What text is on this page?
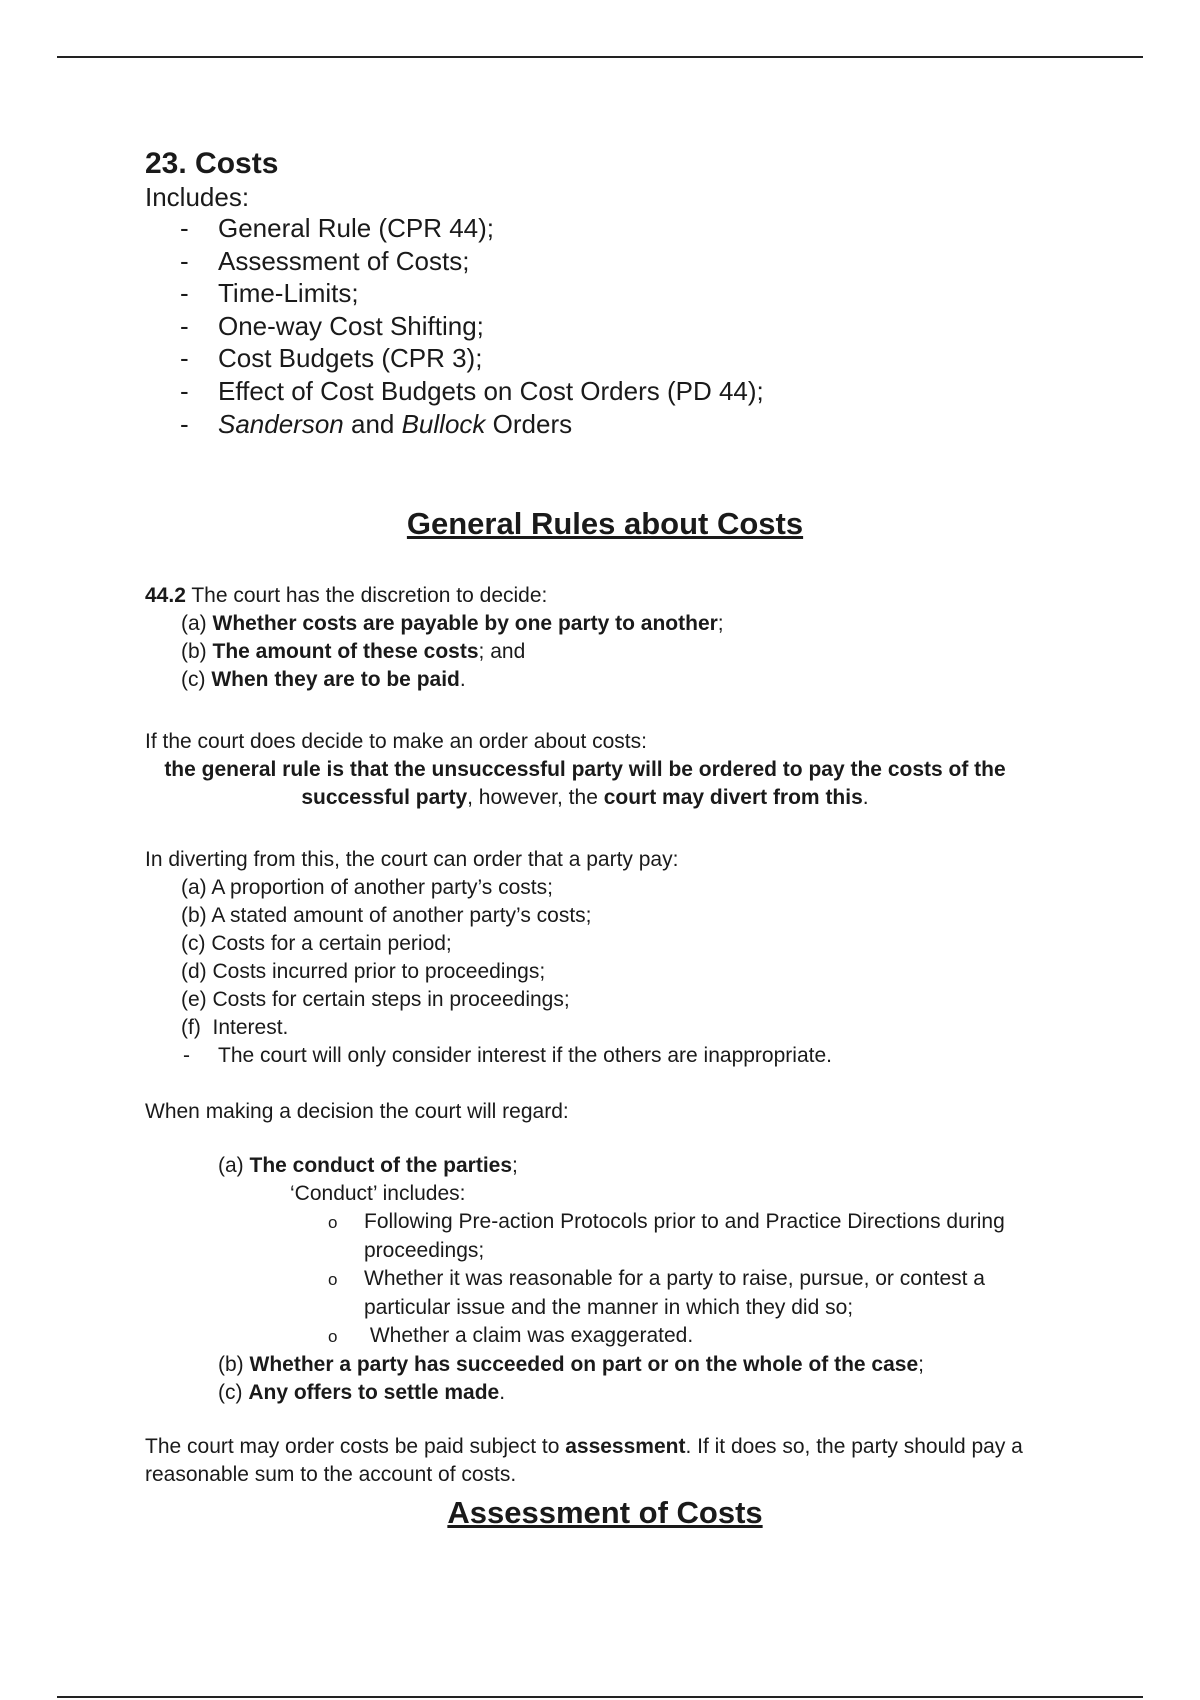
23. Costs

Includes:

- General Rule (CPR 44);
- Assessment of Costs;
- Time-Limits;
- One-way Cost Shifting;
- Cost Budgets (CPR 3);
- Effect of Cost Budgets on Cost Orders (PD 44);
- Sanderson and Bullock Orders
General Rules about Costs

44.2 The court has the discretion to decide:

(a) Whether costs are payable by one party to another;
(b) The amount of these costs; and
(c) When they are to be paid.

If the court does decide to make an order about costs:

the general rule is that the unsuccessful party will be ordered to pay the costs of the successful party, however, the court may divert from this.

In diverting from this, the court can order that a party pay:

(a) A proportion of another party’s costs;
(b) A stated amount of another party’s costs;
(c) Costs for a certain period;
(d) Costs incurred prior to proceedings;
(e) Costs for certain steps in proceedings;
(f)  Interest.
- The court will only consider interest if the others are inappropriate.

When making a decision the court will regard:

(a) The conduct of the parties;
‘Conduct’ includes:
o Following Pre-action Protocols prior to and Practice Directions during proceedings;
o Whether it was reasonable for a party to raise, pursue, or contest a particular issue and the manner in which they did so;
o  Whether a claim was exaggerated.
(b) Whether a party has succeeded on part or on the whole of the case;
(c) Any offers to settle made.

The court may order costs be paid subject to assessment. If it does so, the party should pay a reasonable sum to the account of costs.

Assessment of Costs
